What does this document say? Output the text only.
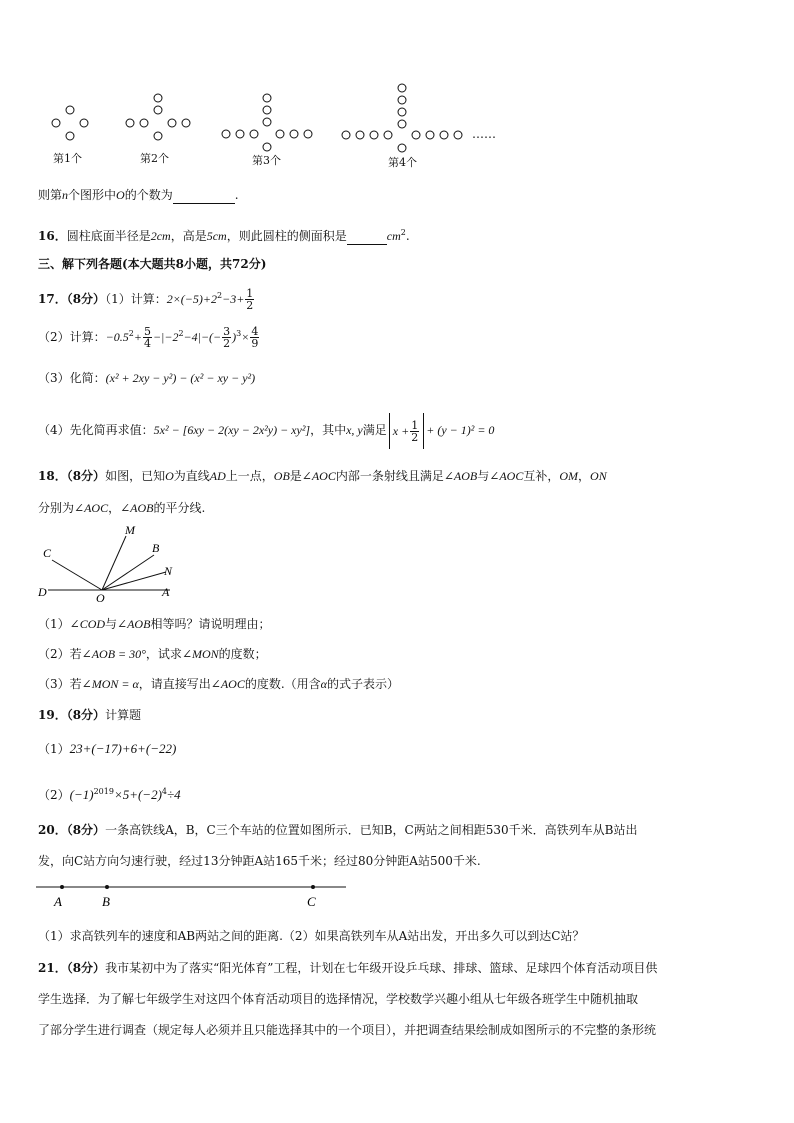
第1个	第2个	第3个	第4个
……
则第n个图形中O的个数为	.
16．圆柱底面半径是2cm，高是5cm，则此圆柱的侧面积是	$cm^2$.
三、解下列各题(本大题共8小题，共72分)
17．（8分）（1）计算：$2\times(-5)+2^2-3+ \frac{1}{2}$
（2）计算：$-0.5^2+ \frac{5}{4} -|-2^2-4|-(- \frac{3}{2} )^3\times \frac{4}{9}$
（3）化简：(x² + 2xy − y²) − (x² − xy − y²)
（4）先化简再求值：5x² − [6xy − 2(xy − 2x²y) − xy²]，其中x, y满足 $x + \frac{1}{2} + (y - 1)^2 = 0$
18．（8分）如图，已知O为直线AD上一点，OB是∠AOC内部一条射线且满足∠AOB与∠AOC互补，OM，ON
分别为∠AOC，∠AOB的平分线.
C
M
B
N
D	O	A
（1）∠COD与∠AOB相等吗？请说明理由；
（2）若∠AOB = 30°，试求∠MON的度数；
（3）若∠MON = α，请直接写出∠AOC的度数.（用含α的式子表示）
19．（8分）计算题
（1）23+(−17)+6+(−22)
$(2)(-1)^{2019}\times 5+(-2)^4\div 4$
20．（8分）一条高铁线A，B，C三个车站的位置如图所示．已知B，C两站之间相距530千米．高铁列车从B站出
发，向C站方向匀速行驶，经过13分钟距A站165千米；经过80分钟距A站500千米.
A	B	C
（1）求高铁列车的速度和AB两站之间的距离.（2）如果高铁列车从A站出发，开出多久可以到达C站？
21．（8分）我市某初中为了落实“阳光体育”工程，计划在七年级开设乒乓球、排球、篮球、足球四个体育活动项目供
学生选择．为了解七年级学生对这四个体育活动项目的选择情况，学校数学兴趣小组从七年级各班学生中随机抽取
了部分学生进行调查（规定每人必须并且只能选择其中的一个项目），并把调查结果绘制成如图所示的不完整的条形统
